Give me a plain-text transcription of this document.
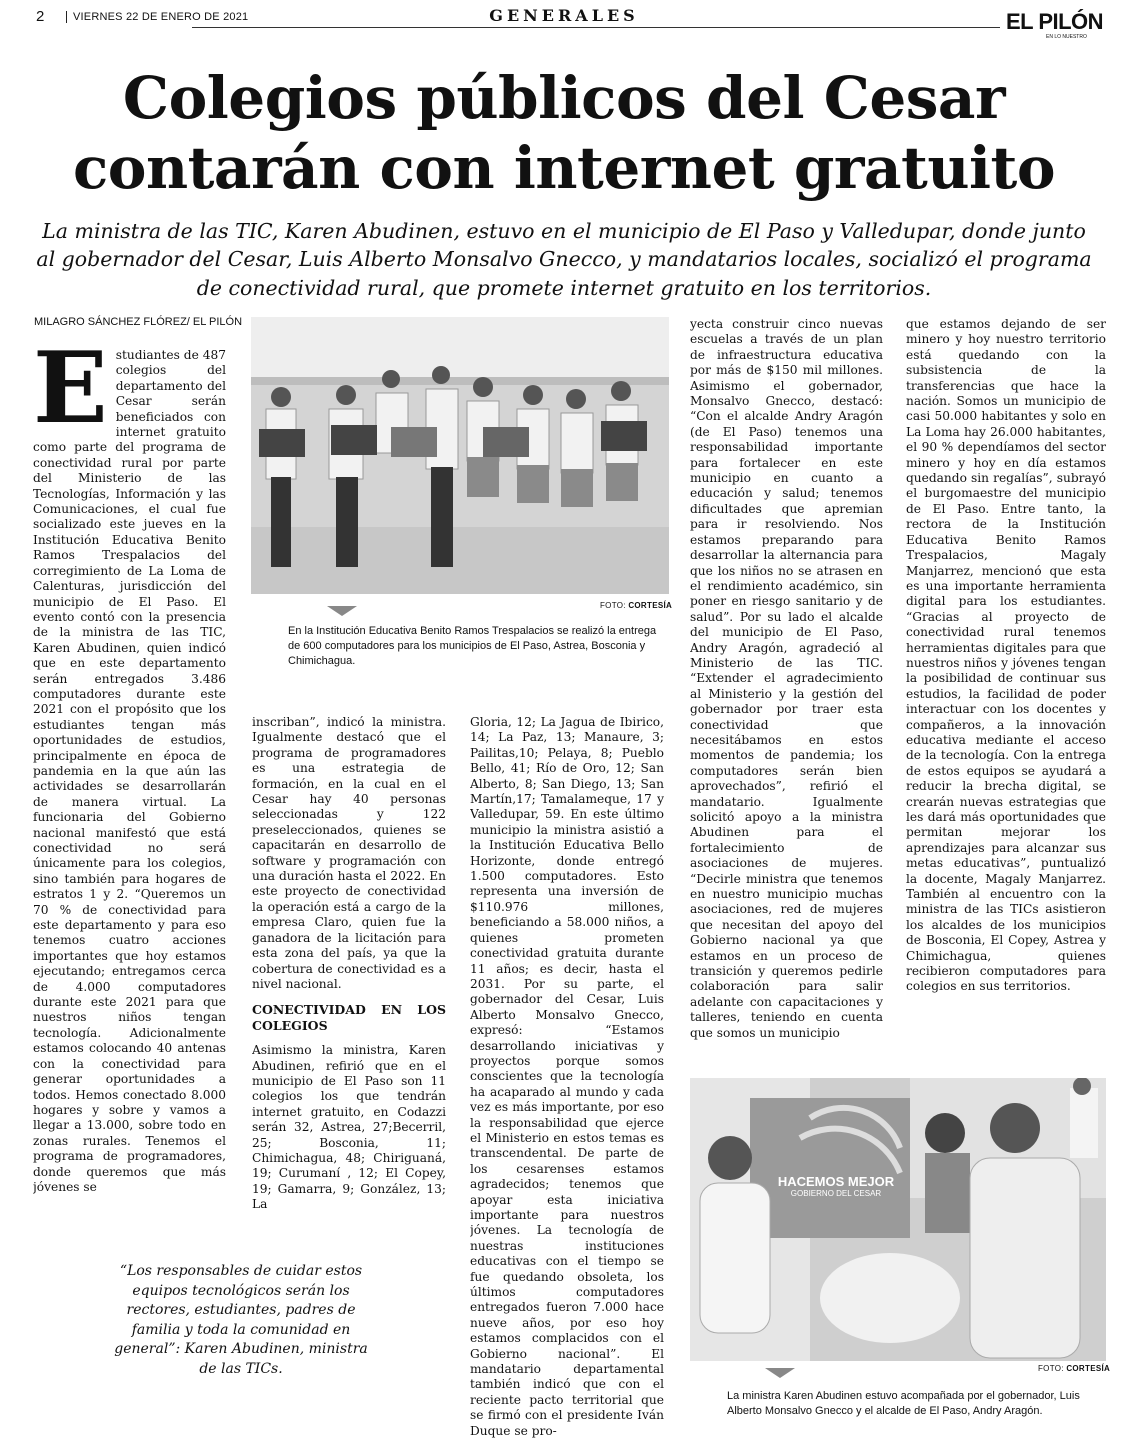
2	VIERNES 22 DE ENERO DE 2021	GENERALES	EL PILÓN
EN LO NUESTRO
Colegios públicos del Cesar contarán con internet gratuito
La ministra de las TIC, Karen Abudinen, estuvo en el municipio de El Paso y Valledupar, donde junto al gobernador del Cesar, Luis Alberto Monsalvo Gnecco, y mandatarios locales, socializó el programa de conectividad rural, que promete internet gratuito en los territorios.
MILAGRO SÁNCHEZ FLÓREZ/ EL PILÓN

Estudiantes de 487 colegios del departamento del Cesar serán beneficiados con internet gratuito como parte del programa de conectividad rural por parte del Ministerio de las Tecnologías, Información y las Comunicaciones, el cual fue socializado este jueves en la Institución Educativa Benito Ramos Trespalacios del corregimiento de La Loma de Calenturas, jurisdicción del municipio de El Paso. El evento contó con la presencia de la ministra de las TIC, Karen Abudinen, quien indicó que en este departamento serán entregados 3.486 computadores durante este 2021 con el propósito que los estudiantes tengan más oportunidades de estudios, principalmente en época de pandemia en la que aún las actividades se desarrollarán de manera virtual. La funcionaria del Gobierno nacional manifestó que está conectividad no será únicamente para los colegios, sino también para hogares de estratos 1 y 2. “Queremos un 70 % de conectividad para este departamento y para eso tenemos cuatro acciones importantes que hoy estamos ejecutando; entregamos cerca de 4.000 computadores durante este 2021 para que nuestros niños tengan tecnología. Adicionalmente estamos colocando 40 antenas con la conectividad para generar oportunidades a todos. Hemos conectado 8.000 hogares y sobre y vamos a llegar a 13.000, sobre todo en zonas rurales. Tenemos el programa de programadores, donde queremos que más jóvenes se

FOTO: CORTESÍA
En la Institución Educativa Benito Ramos Trespalacios se realizó la entrega de 600 computadores para los municipios de El Paso, Astrea, Bosconia y Chimichagua.

inscriban”, indicó la ministra. Igualmente destacó que el programa de programadores es una estrategia de formación, en la cual en el Cesar hay 40 personas seleccionadas y 122 preseleccionados, quienes se capacitarán en desarrollo de software y programación con una duración hasta el 2022. En este proyecto de conectividad la operación está a cargo de la empresa Claro, quien fue la ganadora de la licitación para esta zona del país, ya que la cobertura de conectividad es a nivel nacional.

CONECTIVIDAD EN LOS COLEGIOS

Asimismo la ministra, Karen Abudinen, refirió que en el municipio de El Paso son 11 colegios los que tendrán internet gratuito, en Codazzi serán 32, Astrea, 27;Becerril, 25; Bosconia, 11; Chimichagua, 48; Chiriguaná, 19; Curumaní , 12; El Copey, 19; Gamarra, 9; González, 13; La

Gloria, 12; La Jagua de Ibirico, 14; La Paz, 13; Manaure, 3; Pailitas,10; Pelaya, 8; Pueblo Bello, 41; Río de Oro, 12; San Alberto, 8; San Diego, 13; San Martín,17; Tamalameque, 17 y Valledupar, 59. En este último municipio la ministra asistió a la Institución Educativa Bello Horizonte, donde entregó 1.500 computadores. Esto representa una inversión de $110.976 millones, beneficiando a 58.000 niños, a quienes prometen conectividad gratuita durante 11 años; es decir, hasta el 2031. Por su parte, el gobernador del Cesar, Luis Alberto Monsalvo Gnecco, expresó: “Estamos desarrollando iniciativas y proyectos porque somos conscientes que la tecnología ha acaparado al mundo y cada vez es más importante, por eso la responsabilidad que ejerce el Ministerio en estos temas es transcendental. De parte de los cesarenses estamos agradecidos; tenemos que apoyar esta iniciativa importante para nuestros jóvenes. La tecnología de nuestras instituciones educativas con el tiempo se fue quedando obsoleta, los últimos computadores entregados fueron 7.000 hace nueve años, por eso hoy estamos complacidos con el Gobierno nacional”. El mandatario departamental también indicó que con el reciente pacto territorial que se firmó con el presidente Iván Duque se pro-

yecta construir cinco nuevas escuelas a través de un plan de infraestructura educativa por más de $150 mil millones. Asimismo el gobernador, Monsalvo Gnecco, destacó: “Con el alcalde Andry Aragón (de El Paso) tenemos una responsabilidad importante para fortalecer en este municipio en cuanto a educación y salud; tenemos dificultades que apremian para ir resolviendo. Nos estamos preparando para desarrollar la alternancia para que los niños no se atrasen en el rendimiento académico, sin poner en riesgo sanitario y de salud”. Por su lado el alcalde del municipio de El Paso, Andry Aragón, agradeció al Ministerio de las TIC. “Extender el agradecimiento al Ministerio y la gestión del gobernador por traer esta conectividad que necesitábamos en estos momentos de pandemia; los computadores serán bien aprovechados”, refirió el mandatario. Igualmente solicitó apoyo a la ministra Abudinen para el fortalecimiento de asociaciones de mujeres. “Decirle ministra que tenemos en nuestro municipio muchas asociaciones, red de mujeres que necesitan del apoyo del Gobierno nacional ya que estamos en un proceso de transición y queremos pedirle colaboración para salir adelante con capacitaciones y talleres, teniendo en cuenta que somos un municipio

que estamos dejando de ser minero y hoy nuestro territorio está quedando con la subsistencia de la transferencias que hace la nación. Somos un municipio de casi 50.000 habitantes y solo en La Loma hay 26.000 habitantes, el 90 % dependíamos del sector minero y hoy en día estamos quedando sin regalías”, subrayó el burgomaestre del municipio de El Paso. Entre tanto, la rectora de la Institución Educativa Benito Ramos Trespalacios, Magaly Manjarrez, mencionó que esta es una importante herramienta digital para los estudiantes. “Gracias al proyecto de conectividad rural tenemos herramientas digitales para que nuestros niños y jóvenes tengan la posibilidad de continuar sus estudios, la facilidad de poder interactuar con los docentes y compañeros, a la innovación educativa mediante el acceso de la tecnología. Con la entrega de estos equipos se ayudará a reducir la brecha digital, se crearán nuevas estrategias que les dará más oportunidades que permitan mejorar los aprendizajes para alcanzar sus metas educativas”, puntualizó la docente, Magaly Manjarrez. También al encuentro con la ministra de las TICs asistieron los alcaldes de los municipios de Bosconia, El Copey, Astrea y Chimichagua, quienes recibieron computadores para colegios en sus territorios.

HACEMOS MEJOR
GOBIERNO DEL CESAR
FOTO: CORTESÍA
La ministra Karen Abudinen estuvo acompañada por el gobernador, Luis Alberto Monsalvo Gnecco y el alcalde de El Paso, Andry Aragón.
“Los responsables de cuidar estos equipos tecnológicos serán los rectores, estudiantes, padres de familia y toda la comunidad en general”: Karen Abudinen, ministra de las TICs.
